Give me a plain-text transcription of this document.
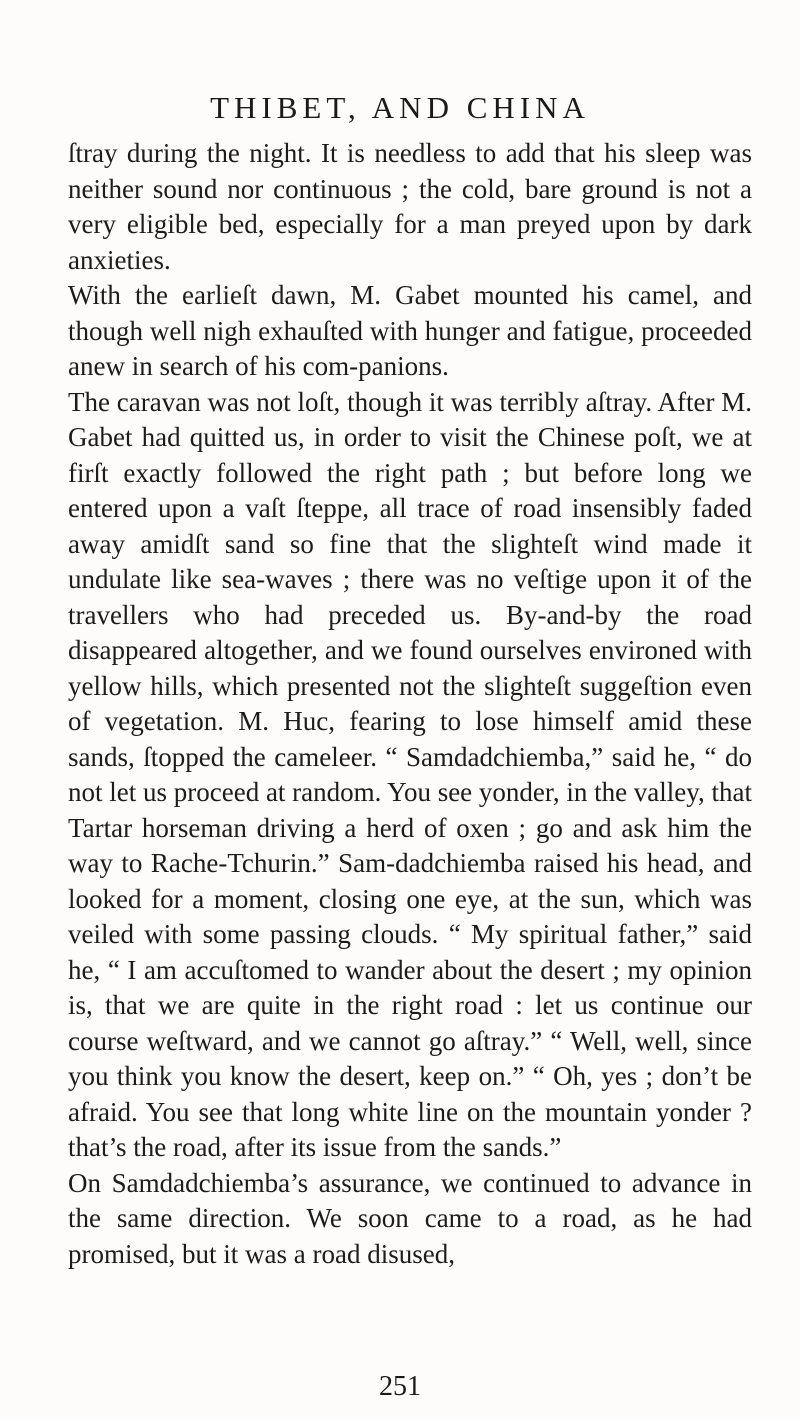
THIBET, AND CHINA

ſtray during the night. It is needless to add that his sleep was neither sound nor continuous ; the cold, bare ground is not a very eligible bed, especially for a man preyed upon by dark anxieties.

With the earlieſt dawn, M. Gabet mounted his camel, and though well nigh exhauſted with hunger and fatigue, proceeded anew in search of his com-panions.

The caravan was not loſt, though it was terribly aſtray. After M. Gabet had quitted us, in order to visit the Chinese poſt, we at firſt exactly followed the right path ; but before long we entered upon a vaſt ſteppe, all trace of road insensibly faded away amidſt sand so fine that the slighteſt wind made it undulate like sea-waves ; there was no veſtige upon it of the travellers who had preceded us. By-and-by the road disappeared altogether, and we found ourselves environed with yellow hills, which presented not the slighteſt suggeſtion even of vegetation. M. Huc, fearing to lose himself amid these sands, ſtopped the cameleer. “ Samdadchiemba,” said he, “ do not let us proceed at random. You see yonder, in the valley, that Tartar horseman driving a herd of oxen ; go and ask him the way to Rache-Tchurin.” Sam-dadchiemba raised his head, and looked for a moment, closing one eye, at the sun, which was veiled with some passing clouds. “ My spiritual father,” said he, “ I am accuſtomed to wander about the desert ; my opinion is, that we are quite in the right road : let us continue our course weſtward, and we cannot go aſtray.” “ Well, well, since you think you know the desert, keep on.” “ Oh, yes ; don’t be afraid. You see that long white line on the mountain yonder ? that’s the road, after its issue from the sands.”

On Samdadchiemba’s assurance, we continued to advance in the same direction. We soon came to a road, as he had promised, but it was a road disused,

251
